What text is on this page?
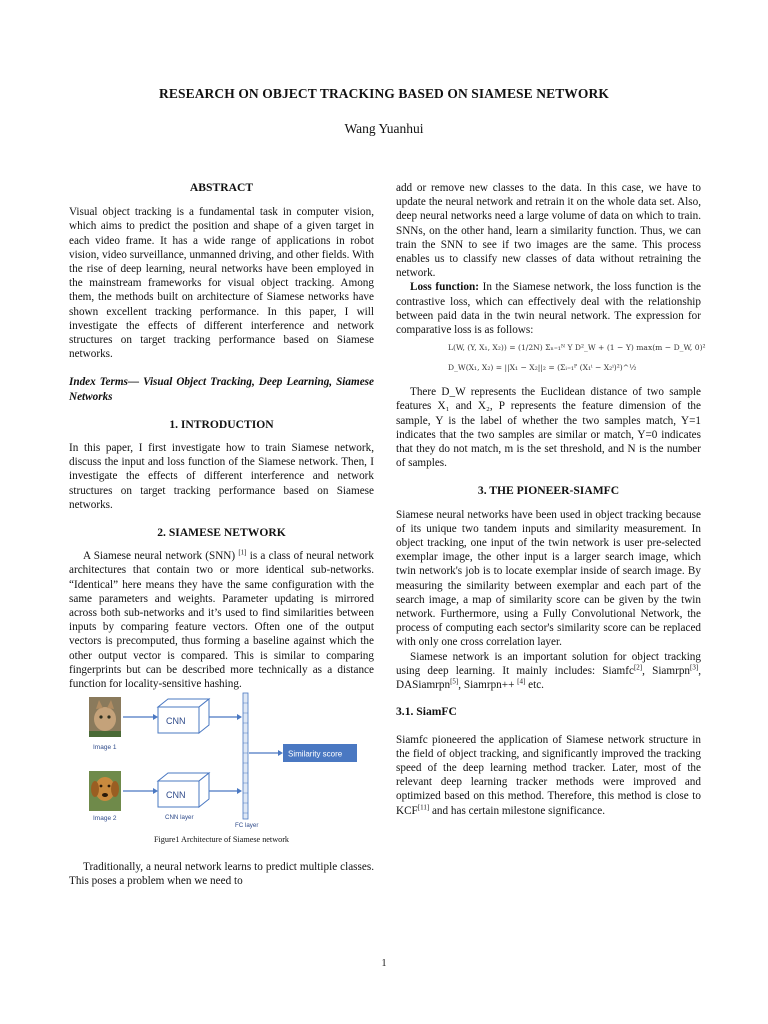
RESEARCH ON OBJECT TRACKING BASED ON SIAMESE NETWORK
Wang Yuanhui

ABSTRACT

Visual object tracking is a fundamental task in computer vision, which aims to predict the position and shape of a given target in each video frame. It has a wide range of applications in robot vision, video surveillance, unmanned driving, and other fields. With the rise of deep learning, neural networks have been employed in the mainstream frameworks for visual object tracking. Among them, the methods built on architecture of Siamese networks have shown excellent tracking performance. In this paper, I will investigate the effects of different interference and network structures on target tracking performance based on Siamese networks.

Index Terms— Visual Object Tracking, Deep Learning, Siamese Networks

1. INTRODUCTION

In this paper, I first investigate how to train Siamese network, discuss the input and loss function of the Siamese network. Then, I investigate the effects of different interference and network structures on target tracking performance based on Siamese networks.

2. SIAMESE NETWORK

A Siamese neural network (SNN) [1] is a class of neural network architectures that contain two or more identical sub-networks. “Identical” here means they have the same configuration with the same parameters and weights. Parameter updating is mirrored across both sub-networks and it’s used to find similarities between inputs by comparing feature vectors. Often one of the output vectors is precomputed, thus forming a baseline against which the other output vector is compared. This is similar to comparing fingerprints but can be described more technically as a distance function for locality-sensitive hashing.

Image 1
Image 2
CNN
CNN
Similarity score
CNN layer
FC layer

Figure1 Architecture of Siamese network

Traditionally, a neural network learns to predict multiple classes. This poses a problem when we need to

add or remove new classes to the data. In this case, we have to update the neural network and retrain it on the whole data set. Also, deep neural networks need a large volume of data on which to train. SNNs, on the other hand, learn a similarity function. Thus, we can train the SNN to see if two images are the same. This process enables us to classify new classes of data without retraining the network.

Loss function: In the Siamese network, the loss function is the contrastive loss, which can effectively deal with the relationship between paid data in the twin neural network. The expression for comparative loss is as follows:

L(W, (Y, X₁, X₂)) = (1/2N) Σₙ₌₁ᴺ Y D²_W + (1 − Y) max(m − D_W, 0)²
D_W(X₁, X₂) = ||X₁ − X₂||₂ = (Σᵢ₌₁ᴾ (X₁ⁱ − X₂ⁱ)²)^½

There D_W represents the Euclidean distance of two sample features X₁ and X₂, P represents the feature dimension of the sample, Y is the label of whether the two samples match, Y=1 indicates that the two samples are similar or match, Y=0 indicates that they do not match, m is the set threshold, and N is the number of samples.

3. THE PIONEER-SIAMFC

Siamese neural networks have been used in object tracking because of its unique two tandem inputs and similarity measurement. In object tracking, one input of the twin network is user pre-selected exemplar image, the other input is a larger search image, which twin network's job is to locate exemplar inside of search image. By measuring the similarity between exemplar and each part of the search image, a map of similarity score can be given by the twin network. Furthermore, using a Fully Convolutional Network, the process of computing each sector's similarity score can be replaced with only one cross correlation layer.

Siamese network is an important solution for object tracking using deep learning. It mainly includes: Siamfc[2], Siamrpn[3], DASiamrpn[5], Siamrpn++ [4] etc.

3.1. SiamFC

Siamfc pioneered the application of Siamese network structure in the field of object tracking, and significantly improved the tracking speed of the deep learning method tracker. Later, most of the relevant deep learning tracker methods were improved and optimized based on this method. Therefore, this method is close to KCF[11] and has certain milestone significance.

1
